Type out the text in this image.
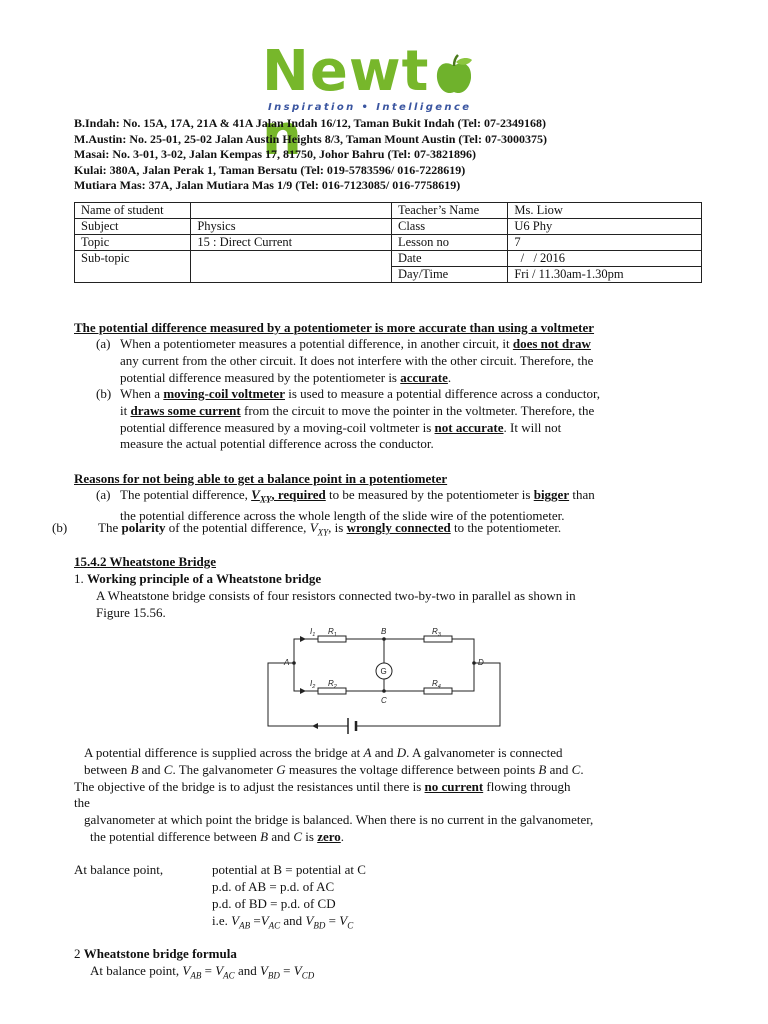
Newtn
Inspiration • Intelligence
B.Indah: No. 15A, 17A, 21A & 41A Jalan Indah 16/12, Taman Bukit Indah (Tel: 07-2349168)
M.Austin: No. 25-01, 25-02 Jalan Austin Heights 8/3, Taman Mount Austin (Tel: 07-3000375)
Masai: No. 3-01, 3-02, Jalan Kempas 17, 81750, Johor Bahru (Tel: 07-3821896)
Kulai: 380A, Jalan Perak 1, Taman Bersatu (Tel: 019-5783596/ 016-7228619)
Mutiara Mas: 37A, Jalan Mutiara Mas 1/9 (Tel: 016-7123085/ 016-7758619)
Name of student		Teacher’s Name	Ms. Liow
Subject	Physics	Class	U6 Phy
Topic	15 : Direct Current	Lesson no	7
Sub-topic		Date	/   / 2016
		Day/Time	Fri / 11.30am-1.30pm
The potential difference measured by a potentiometer is more accurate than using a voltmeter
(a) When a potentiometer measures a potential difference, in another circuit, it does not draw
any current from the other circuit. It does not interfere with the other circuit. Therefore, the
potential difference measured by the potentiometer is accurate.
(b) When a moving-coil voltmeter is used to measure a potential difference across a conductor,
it draws some current from the circuit to move the pointer in the voltmeter. Therefore, the
potential difference measured by a moving-coil voltmeter is not accurate. It will not
measure the actual potential difference across the conductor.
Reasons for not being able to get a balance point in a potentiometer
(a) The potential difference, $V_{XY}$, required to be measured by the potentiometer is bigger than
the potential difference across the whole length of the slide wire of the potentiometer.
(b) The polarity of the potential difference, $V_{XY}$, is wrongly connected to the potentiometer.
15.4.2 Wheatstone Bridge
1. Working principle of a Wheatstone bridge
A Wheatstone bridge consists of four resistors connected two-by-two in parallel as shown in
Figure 15.56.
$I_1$ $R_1$	B	$R_3$
A
G
D
$I_2$ $R_2$
C
$R_4$
A potential difference is supplied across the bridge at A and D. A galvanometer is connected
between B and C. The galvanometer G measures the voltage difference between points B and C.
The objective of the bridge is to adjust the resistances until there is no current flowing through
the
galvanometer at which point the bridge is balanced. When there is no current in the galvanometer,
the potential difference between B and C is zero.
At balance point,	potential at B = potential at C
p.d. of AB = p.d. of AC
p.d. of BD = p.d. of CD
i.e. $V_{AB} =V_{AC}$ and $V_{BD} = V_C$
2 Wheatstone bridge formula
At balance point, $V_{AB} = V_{AC}$ and $V_{BD} = V_{CD}$
